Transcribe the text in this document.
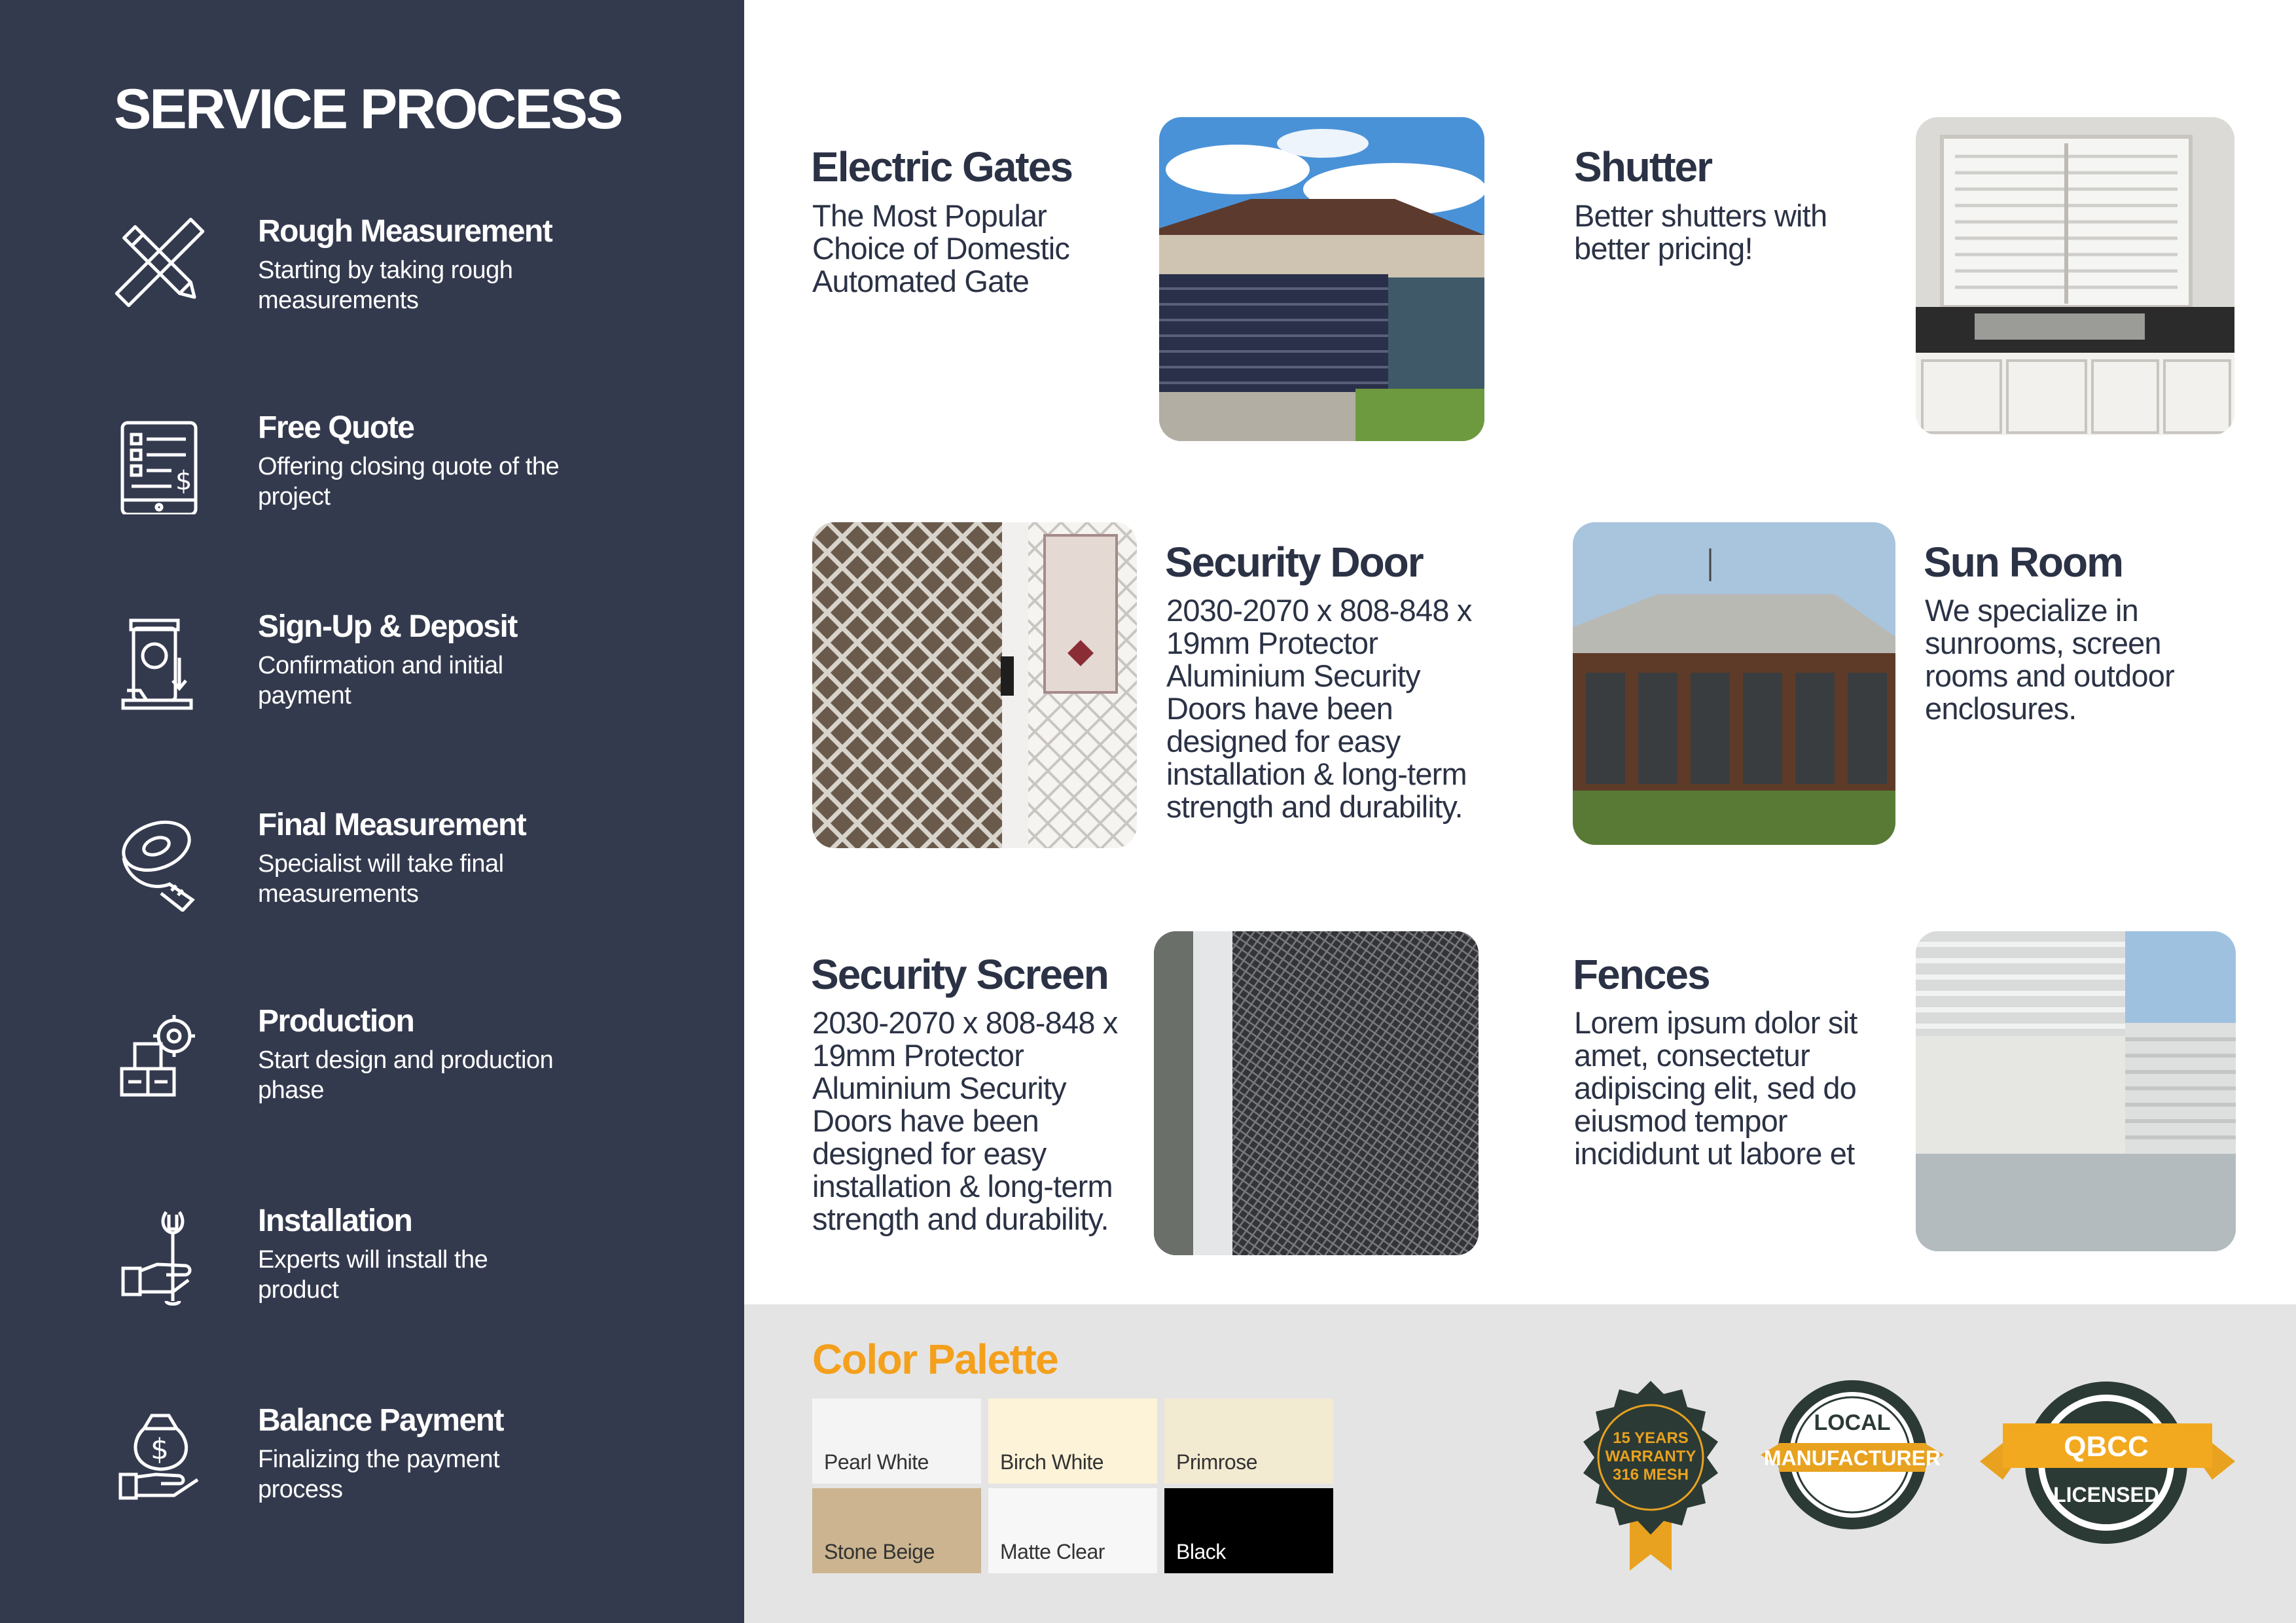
SERVICE PROCESS
Rough Measurement
Starting by taking rough measurements
$
Free Quote
Offering closing quote of the project
Sign-Up & Deposit
Confirmation and initial payment
Final Measurement
Specialist will take final measurements
Production
Start design and production phase
Installation
Experts will install the product
$
Balance Payment
Finalizing the payment process
Electric Gates
The Most Popular Choice of Domestic Automated Gate
Shutter
Better shutters with better pricing!
Security Door
2030-2070 x 808-848 x 19mm Protector Aluminium Security Doors have been designed for easy installation & long-term strength and durability.
Sun Room
We specialize in sunrooms, screen rooms and outdoor enclosures.
Security Screen
2030-2070 x 808-848 x 19mm Protector Aluminium Security Doors have been designed for easy installation & long-term strength and durability.
Fences
Lorem ipsum dolor sit amet, consectetur adipiscing elit, sed do eiusmod tempor incididunt ut labore et
Color Palette
Pearl White	Birch White	Primrose
Stone Beige	Matte Clear	Black
15 YEARS
WARRANTY
316 MESH
LOCAL
MANUFACTURER	QBCC
LICENSED
